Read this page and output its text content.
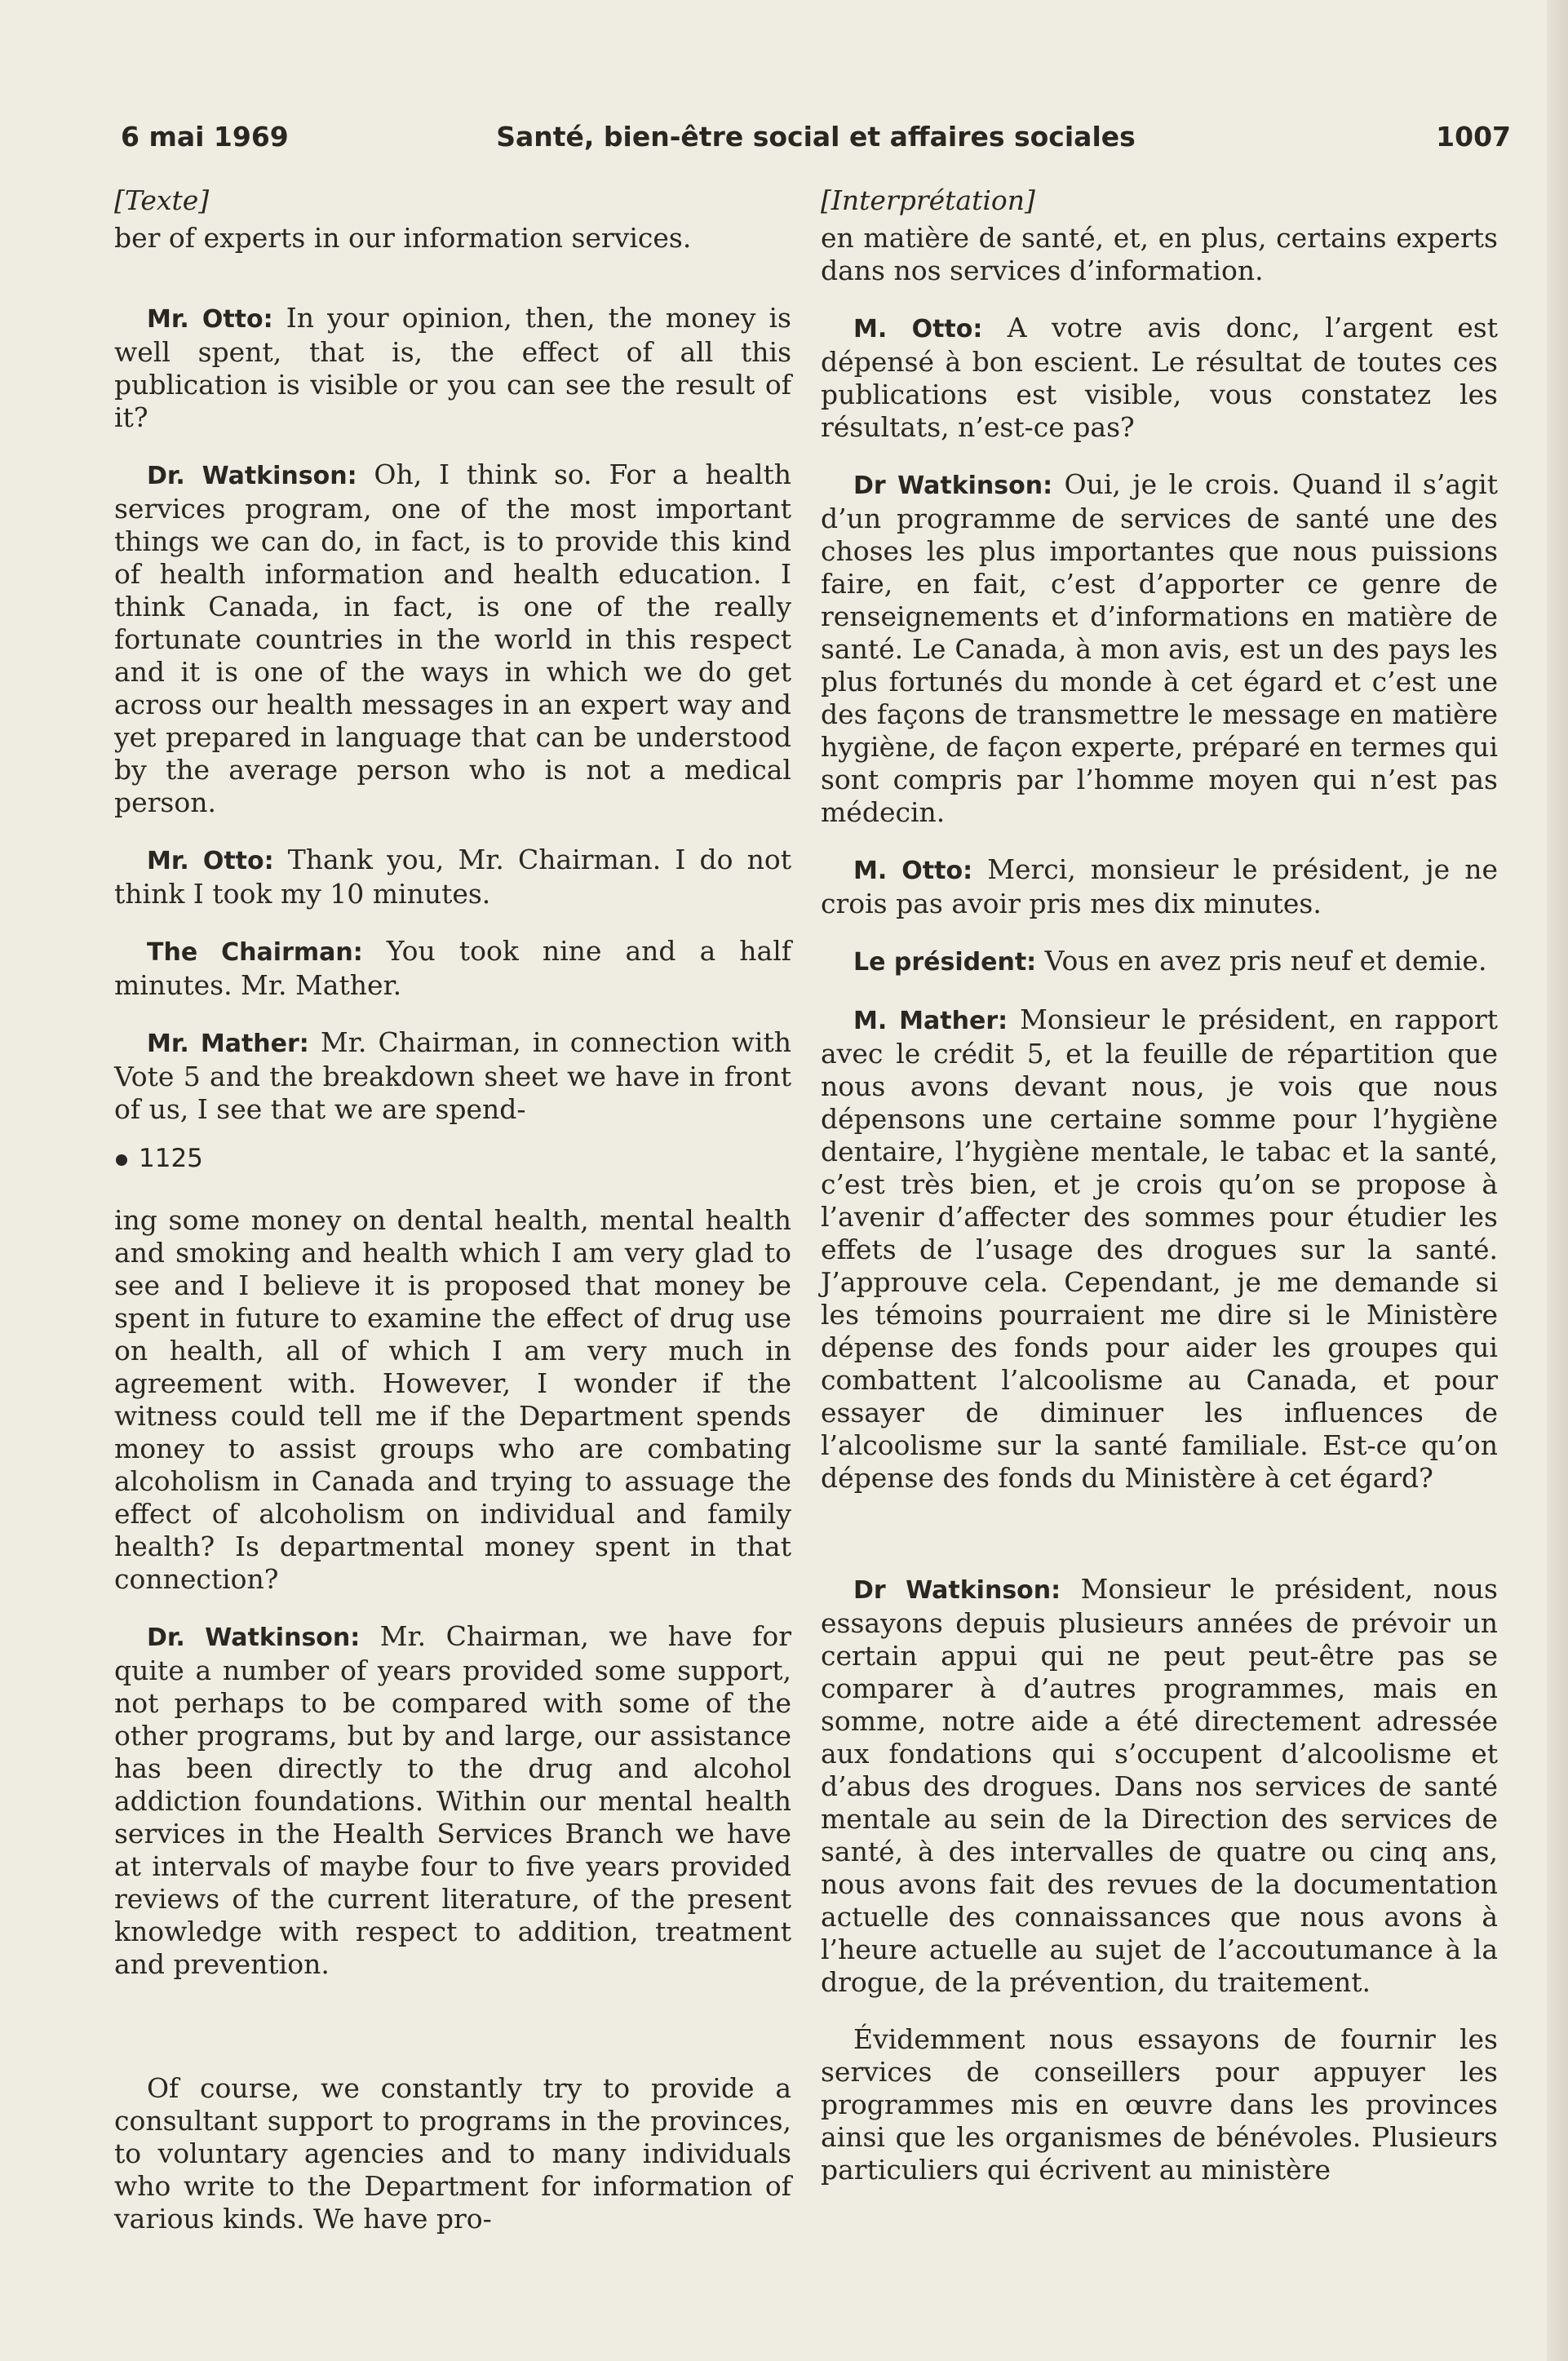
6 mai 1969	Santé, bien-être social et affaires sociales	1007

[Texte]

ber of experts in our information services.

Mr. Otto: In your opinion, then, the money is well spent, that is, the effect of all this publication is visible or you can see the result of it?

Dr. Watkinson: Oh, I think so. For a health services program, one of the most important things we can do, in fact, is to provide this kind of health information and health education. I think Canada, in fact, is one of the really fortunate countries in the world in this respect and it is one of the ways in which we do get across our health messages in an expert way and yet prepared in language that can be understood by the average person who is not a medical person.

Mr. Otto: Thank you, Mr. Chairman. I do not think I took my 10 minutes.

The Chairman: You took nine and a half minutes. Mr. Mather.

Mr. Mather: Mr. Chairman, in connection with Vote 5 and the breakdown sheet we have in front of us, I see that we are spend-

1125

ing some money on dental health, mental health and smoking and health which I am very glad to see and I believe it is proposed that money be spent in future to examine the effect of drug use on health, all of which I am very much in agreement with. However, I wonder if the witness could tell me if the Department spends money to assist groups who are combating alcoholism in Canada and trying to assuage the effect of alcoholism on individual and family health? Is departmental money spent in that connection?

Dr. Watkinson: Mr. Chairman, we have for quite a number of years provided some support, not perhaps to be compared with some of the other programs, but by and large, our assistance has been directly to the drug and alcohol addiction foundations. Within our mental health services in the Health Services Branch we have at intervals of maybe four to five years provided reviews of the current literature, of the present knowledge with respect to addition, treatment and prevention.

Of course, we constantly try to provide a consultant support to programs in the provinces, to voluntary agencies and to many individuals who write to the Department for information of various kinds. We have pro-

[Interprétation]

en matière de santé, et, en plus, certains experts dans nos services d’information.

M. Otto: A votre avis donc, l’argent est dépensé à bon escient. Le résultat de toutes ces publications est visible, vous constatez les résultats, n’est-ce pas?

Dr Watkinson: Oui, je le crois. Quand il s’agit d’un programme de services de santé une des choses les plus importantes que nous puissions faire, en fait, c’est d’apporter ce genre de renseignements et d’informations en matière de santé. Le Canada, à mon avis, est un des pays les plus fortunés du monde à cet égard et c’est une des façons de transmettre le message en matière hygiène, de façon experte, préparé en termes qui sont compris par l’homme moyen qui n’est pas médecin.

M. Otto: Merci, monsieur le président, je ne crois pas avoir pris mes dix minutes.

Le président: Vous en avez pris neuf et demie.

M. Mather: Monsieur le président, en rapport avec le crédit 5, et la feuille de répartition que nous avons devant nous, je vois que nous dépensons une certaine somme pour l’hygiène dentaire, l’hygiène mentale, le tabac et la santé, c’est très bien, et je crois qu’on se propose à l’avenir d’affecter des sommes pour étudier les effets de l’usage des drogues sur la santé. J’approuve cela. Cependant, je me demande si les témoins pourraient me dire si le Ministère dépense des fonds pour aider les groupes qui combattent l’alcoolisme au Canada, et pour essayer de diminuer les influences de l’alcoolisme sur la santé familiale. Est-ce qu’on dépense des fonds du Ministère à cet égard?

Dr Watkinson: Monsieur le président, nous essayons depuis plusieurs années de prévoir un certain appui qui ne peut peut-être pas se comparer à d’autres programmes, mais en somme, notre aide a été directement adressée aux fondations qui s’occupent d’alcoolisme et d’abus des drogues. Dans nos services de santé mentale au sein de la Direction des services de santé, à des intervalles de quatre ou cinq ans, nous avons fait des revues de la documentation actuelle des connaissances que nous avons à l’heure actuelle au sujet de l’accoutumance à la drogue, de la prévention, du traitement.

Évidemment nous essayons de fournir les services de conseillers pour appuyer les programmes mis en œuvre dans les provinces ainsi que les organismes de bénévoles. Plusieurs particuliers qui écrivent au ministère
